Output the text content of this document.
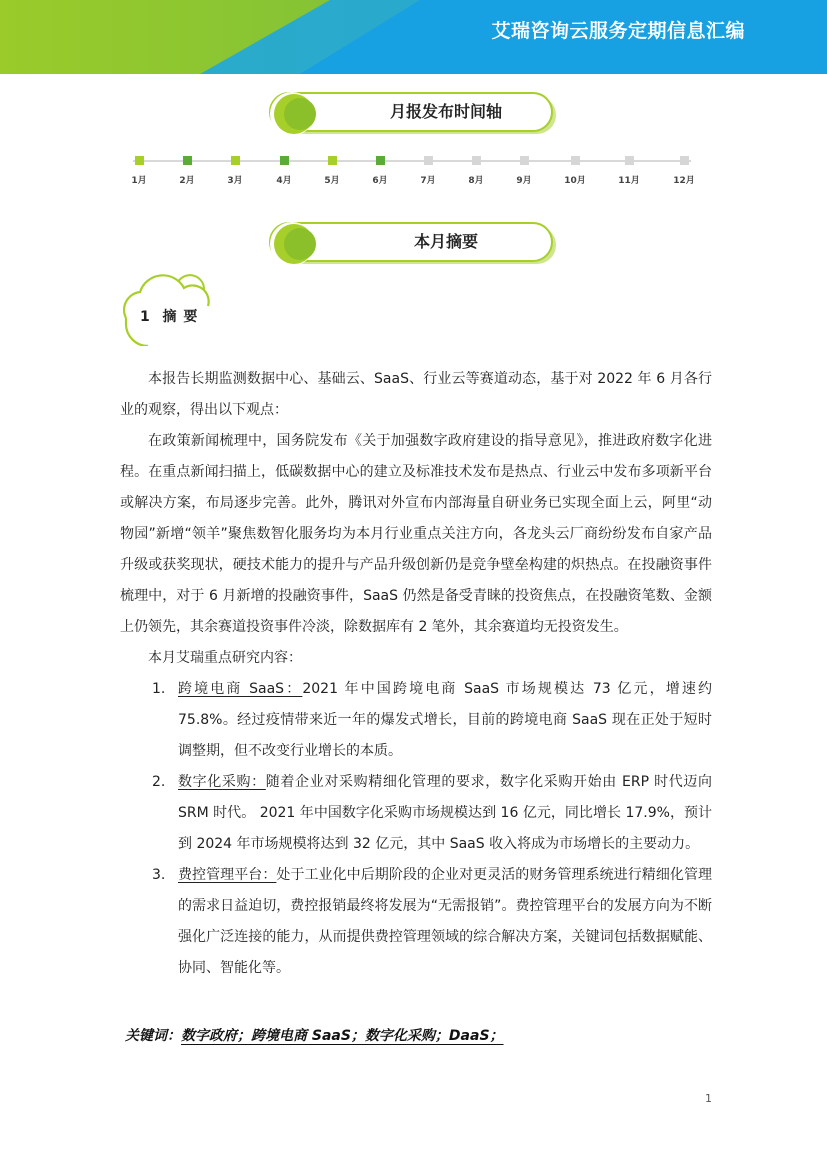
艾瑞咨询云服务定期信息汇编
月报发布时间轴
1月	2月	3月	4月	5月	6月	7月	8月	9月	10月	11月	12月
本月摘要
1 摘 要

本报告长期监测数据中心、基础云、SaaS、行业云等赛道动态，基于对 2022 年 6 月各行业的观察，得出以下观点：

在政策新闻梳理中，国务院发布《关于加强数字政府建设的指导意见》，推进政府数字化进程。在重点新闻扫描上，低碳数据中心的建立及标准技术发布是热点、行业云中发布多项新平台或解决方案，布局逐步完善。此外，腾讯对外宣布内部海量自研业务已实现全面上云，阿里“动物园”新增“领羊”聚焦数智化服务均为本月行业重点关注方向，各龙头云厂商纷纷发布自家产品升级或获奖现状，硬技术能力的提升与产品升级创新仍是竞争壁垒构建的炽热点。在投融资事件梳理中，对于 6 月新增的投融资事件，SaaS 仍然是备受青睐的投资焦点，在投融资笔数、金额上仍领先，其余赛道投资事件冷淡，除数据库有 2 笔外，其余赛道均无投资发生。

本月艾瑞重点研究内容：

1. 跨境电商 SaaS：2021 年中国跨境电商 SaaS 市场规模达 73 亿元，增速约 75.8%。经过疫情带来近一年的爆发式增长，目前的跨境电商 SaaS 现在正处于短时调整期，但不改变行业增长的本质。
2. 数字化采购：随着企业对采购精细化管理的要求，数字化采购开始由 ERP 时代迈向 SRM 时代。 2021 年中国数字化采购市场规模达到 16 亿元，同比增长 17.9%，预计到 2024 年市场规模将达到 32 亿元，其中 SaaS 收入将成为市场增长的主要动力。
3. 费控管理平台：处于工业化中后期阶段的企业对更灵活的财务管理系统进行精细化管理的需求日益迫切，费控报销最终将发展为“无需报销”。费控管理平台的发展方向为不断强化广泛连接的能力，从而提供费控管理领域的综合解决方案，关键词包括数据赋能、协同、智能化等。
关键词：数字政府；跨境电商 SaaS；数字化采购；DaaS；
1
